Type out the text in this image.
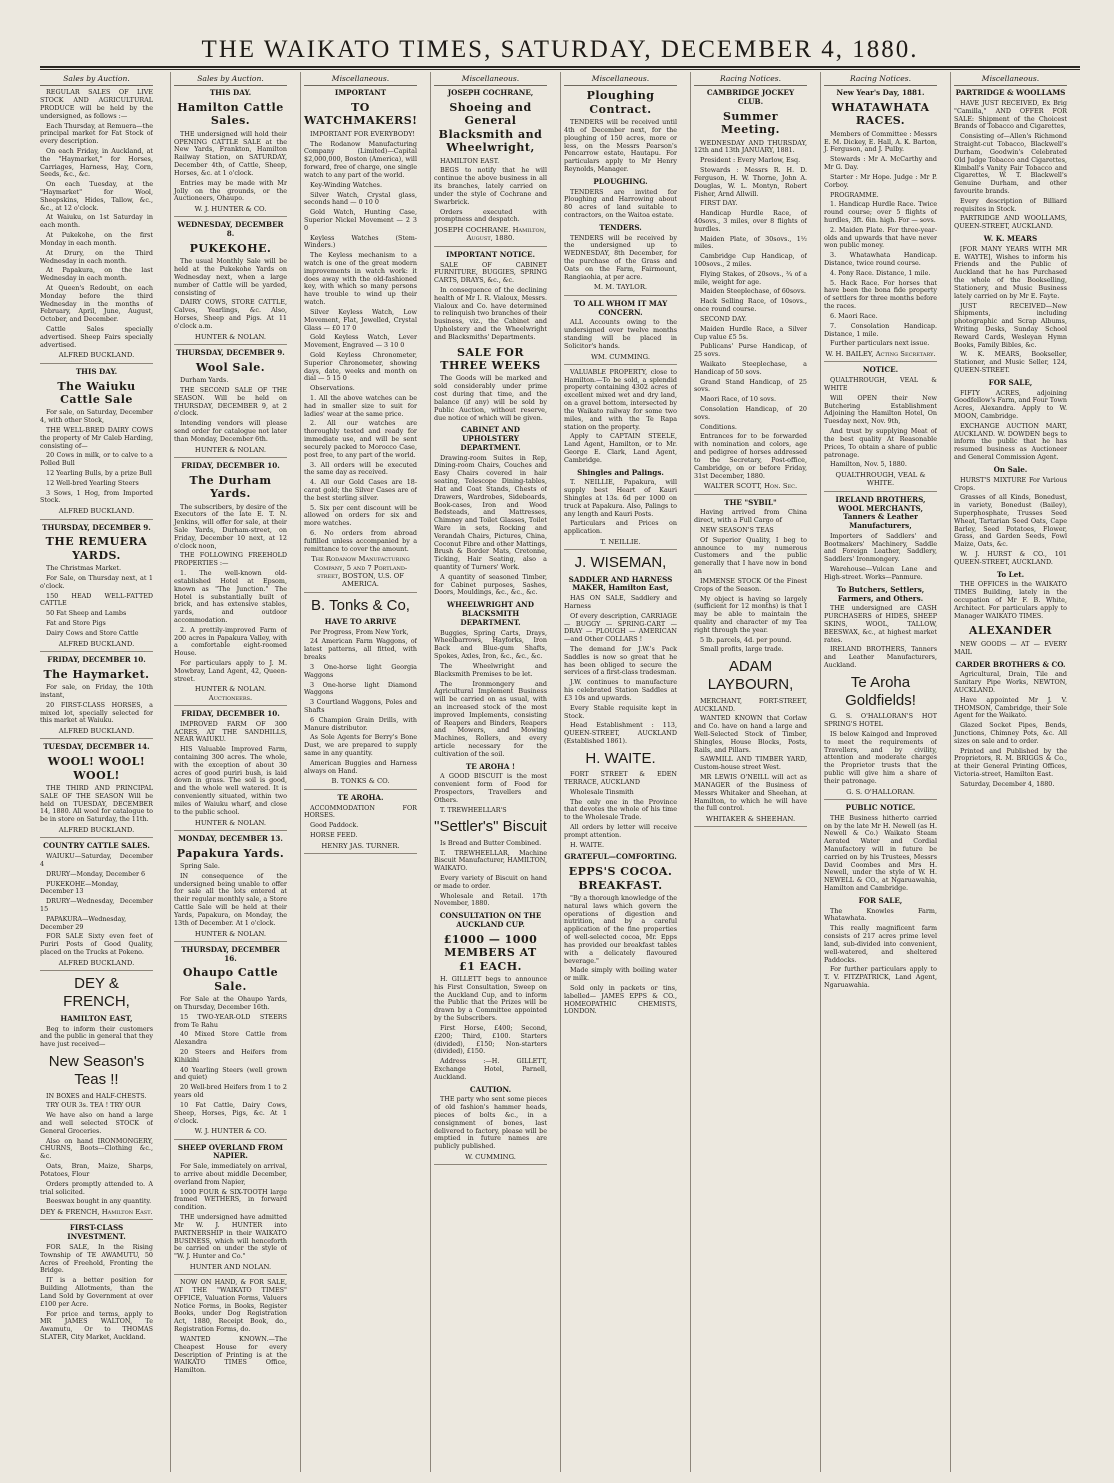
THE WAIKATO TIMES, SATURDAY, DECEMBER 4, 1880.
Sales by Auction.

REGULAR SALES OF LIVE STOCK AND AGRICULTURAL PRODUCE will be held by the undersigned, as follows :—

Each Thursday, at Remuera—the principal market for Fat Stock of every description.

On each Friday, in Auckland, at the "Haymarket," for Horses, Carriages, Harness, Hay, Corn, Seeds, &c., &c.

On each Tuesday, at the "Haymarket" for Wool, Sheepskins, Hides, Tallow, &c., &c., at 12 o'clock.

At Waiuku, on 1st Saturday in each month.

At Pukekohe, on the first Monday in each month.

At Drury, on the Third Wednesday in each month.

At Papakura, on the last Wednesday in each month.

At Queen's Redoubt, on each Monday before the third Wednesday in the months of February, April, June, August, October, and December.

Cattle Sales specially advertised. Sheep Fairs specially advertised.

ALFRED BUCKLAND.
THIS DAY.
The Waiuku Cattle Sale

For sale, on Saturday, December 4, with other Stock,

THE WELL-BRED DAIRY COWS the property of Mr Caleb Harding, consisting of—

20 Cows in milk, or to calve to a Polled Bull

12 Yearling Bulls, by a prize Bull

12 Well-bred Yearling Steers

3 Sows, 1 Hog, from Imported Stock.

ALFRED BUCKLAND.
THURSDAY, DECEMBER 9.
THE REMUERA YARDS.

The Christmas Market.

For Sale, on Thursday next, at 1 o'clock.

150 HEAD WELL-FATTED CATTLE

50 Fat Sheep and Lambs

Fat and Store Pigs

Dairy Cows and Store Cattle

ALFRED BUCKLAND.
FRIDAY, DECEMBER 10.
The Haymarket.

For sale, on Friday, the 10th instant,

20 FIRST-CLASS HORSES, a mixed lot, specially selected for this market at Waiuku.

ALFRED BUCKLAND.
TUESDAY, DECEMBER 14.
WOOL! WOOL! WOOL!

THE THIRD AND PRINCIPAL SALE OF THE SEASON Will be held on TUESDAY, DECEMBER 14, 1880. All wool for catalogue to be in store on Saturday, the 11th.

ALFRED BUCKLAND.
COUNTRY CATTLE SALES.

WAIUKU—Saturday, December 4

DRURY—Monday, December 6

PUKEKOHE—Monday, December 13

DRURY—Wednesday, December 15

PAPAKURA—Wednesday, December 29

FOR SALE Sixty even feet of Puriri Posts of Good Quality, placed on the Trucks at Pokeno.

ALFRED BUCKLAND.
DEY & FRENCH,
HAMILTON EAST,

Beg to inform their customers and the public in general that they have just received—

New Season's Teas !!

IN BOXES and HALF-CHESTS.

TRY OUR 3s. TEA ! TRY OUR

We have also on hand a large and well selected STOCK of General Groceries.

Also on hand IRONMONGERY, CHURNS, Boots—Clothing &c., &c.

Oats, Bran, Maize, Sharps, Potatoes, Flour

Orders promptly attended to. A trial solicited.

Beeswax bought in any quantity.

DEY & FRENCH, Hamilton East.
FIRST-CLASS INVESTMENT.

FOR SALE, In the Rising Township of TE AWAMUTU, 50 Acres of Freehold, Fronting the Bridge.

IT is a better position for Building Allotments, than the Land Sold by Government at over £100 per Acre.

For price and terms, apply to MR JAMES WALTON, Te Awamutu, Or to THOMAS SLATER, City Market, Auckland.

Sales by Auction.
THIS DAY.
Hamilton Cattle Sales.

THE undersigned will hold their OPENING CATTLE SALE at the New Yards, Frankton, Hamilton Railway Station, on SATURDAY, December 4th, of Cattle, Sheep, Horses, &c. at 1 o'clock.

Entries may be made with Mr Jolly on the grounds, or the Auctioneers, Ohaupo.

W. J. HUNTER & CO.
WEDNESDAY, DECEMBER 8.
PUKEKOHE.

The usual Monthly Sale will be held at the Pukekohe Yards on Wednesday next, when a large number of Cattle will be yarded, consisting of

DAIRY COWS, STORE CATTLE, Calves, Yearlings, &c. Also, Horses, Sheep and Pigs. At 11 o'clock a.m.

HUNTER & NOLAN.
THURSDAY, DECEMBER 9.
Wool Sale.

Durham Yards.

THE SECOND SALE OF THE SEASON. Will be held on THURSDAY, DECEMBER 9, at 2 o'clock.

Intending vendors will please send order for catalogue not later than Monday, December 6th.

HUNTER & NOLAN.
FRIDAY, DECEMBER 10.
The Durham Yards.

The subscribers, by desire of the Executors of the late E. T. N. Jenkins, will offer for sale, at their Sale Yards, Durham-street, on Friday, December 10 next, at 12 o'clock noon,

THE FOLLOWING FREEHOLD PROPERTIES :—

1. The well-known old-established Hotel at Epsom, known as "The Junction." The Hotel is substantially built of brick, and has extensive stables, yards, and outdoor accommodation.

2. A prettily-improved Farm of 200 acres in Papakura Valley, with a comfortable eight-roomed House.

For particulars apply to J. M. Mowbray, Land Agent, 42, Queen-street.

HUNTER & NOLAN. Auctioneers.
FRIDAY, DECEMBER 10.

IMPROVED FARM OF 300 ACRES, AT THE SANDHILLS, NEAR WAIUKU.

HIS Valuable Improved Farm, containing 300 acres. The whole, with the exception of about 30 acres of good puriri bush, is laid down in grass. The soil is good, and the whole well watered. It is conveniently situated, within two miles of Waiuku wharf, and close to the public school.

HUNTER & NOLAN.
MONDAY, DECEMBER 13.
Papakura Yards.

Spring Sale.

IN consequence of the undersigned being unable to offer for sale all the lots entered at their regular monthly sale, a Store Cattle Sale will be held at their Yards, Papakura, on Monday, the 13th of December. At 1 o'clock.

HUNTER & NOLAN.
THURSDAY, DECEMBER 16.
Ohaupo Cattle Sale.

For Sale at the Ohaupo Yards, on Thursday, December 16th.

15 TWO-YEAR-OLD STEERS from Te Rahu

40 Mixed Store Cattle from Alexandra

20 Steers and Heifers from Kihikihi

40 Yearling Steers (well grown and quiet)

20 Well-bred Heifers from 1 to 2 years old

10 Fat Cattle, Dairy Cows, Sheep, Horses, Pigs, &c. At 1 o'clock.

W. J. HUNTER & CO.
SHEEP OVERLAND FROM NAPIER.

For Sale, immediately on arrival, to arrive about middle December, overland from Napier,

1000 FOUR & SIX-TOOTH large framed WETHERS, in forward condition.

THE undersigned have admitted Mr W. J. HUNTER into PARTNERSHIP in their WAIKATO BUSINESS, which will henceforth be carried on under the style of "W. J. Hunter and Co."

HUNTER AND NOLAN.

NOW ON HAND, & FOR SALE, AT THE "WAIKATO TIMES" OFFICE, Valuation Forms, Valuers Notice Forms, in Books, Register Books, under Dog Registration Act, 1880, Receipt Book, do., Registration Forms, do.

WANTED KNOWN.—The Cheapest House for every Description of Printing is at the WAIKATO TIMES Office, Hamilton.

Miscellaneous.
IMPORTANT
TO WATCHMAKERS!

IMPORTANT FOR EVERYBODY!

The Rodanow Manufacturing Company (Limited)—Capital $2,000,000, Boston (America), will forward, free of charge, one single watch to any part of the world.

Key-Winding Watches.

Silver Watch, Crystal glass, seconds hand — 0 10 0

Gold Watch, Hunting Case, Superior Nickel Movement — 2 3 0

Keyless Watches (Stem-Winders.)

The Keyless mechanism to a watch is one of the great modern improvements in watch work: it does away with the old-fashioned key, with which so many persons have trouble to wind up their watch.

Silver Keyless Watch, Low Movement, Flat, Jewelled, Crystal Glass — £0 17 0

Gold Keyless Watch, Lever Movement, Engraved — 3 10 0

Gold Keyless Chronometer, Superior Chronometer, showing days, date, weeks and month on dial — 5 15 0

Observations.

1. All the above watches can be had in smaller size to suit for ladies' wear at the same price.

2. All our watches are thoroughly tested and ready for immediate use, and will be sent securely packed to Morocco Case, post free, to any part of the world.

3. All orders will be executed the same day as received.

4. All our Gold Cases are 18-carat gold; the Silver Cases are of the best sterling silver.

5. Six per cent discount will be allowed on orders for six and more watches.

6. No orders from abroad fulfilled unless accompanied by a remittance to cover the amount.

The Rodanow Manufacturing Company, 5 and 7 Portland-street, BOSTON, U.S. OF AMERICA.
B. Tonks & Co,
HAVE TO ARRIVE

Per Progress, From New York,

24 American Farm Waggons, of latest patterns, all fitted, with breaks

3 One-horse light Georgia Waggons

3 One-horse light Diamond Waggons

3 Courtland Waggons, Poles and Shafts

6 Champion Grain Drills, with Manure distributor.

As Sole Agents for Berry's Bone Dust, we are prepared to supply same in any quantity.

American Buggies and Harness always on Hand.

B. TONKS & CO.
TE AROHA.

ACCOMMODATION FOR HORSES.

Good Paddock.

HORSE FEED.

HENRY JAS. TURNER.
Miscellaneous.
JOSEPH COCHRANE,
Shoeing and General Blacksmith and Wheelwright,

HAMILTON EAST.

BEGS to notify that he will continue the above business in all its branches, lately carried on under the style of Cochrane and Swarbrick.

Orders executed with promptness and despatch.

JOSEPH COCHRANE. Hamilton, August, 1880.
IMPORTANT NOTICE.

SALE OF CABINET FURNITURE, BUGGIES, SPRING CARTS, DRAYS, &c., &c.

In consequence of the declining health of Mr I. R. Vialoux, Messrs. Vialoux and Co. have determined to relinquish two branches of their business, viz., the Cabinet and Upholstery and the Wheelwright and Blacksmiths' Departments.

SALE FOR THREE WEEKS

The Goods will be marked and sold considerably under prime cost during that time, and the balance (if any) will be sold by Public Auction, without reserve, due notice of which will be given.

CABINET AND UPHOLSTERY DEPARTMENT.

Drawing-room Suites in Rep, Dining-room Chairs, Couches and Easy Chairs covered in hair seating, Telescope Dining-tables, Hat and Coat Stands, Chests of Drawers, Wardrobes, Sideboards, Book-cases, Iron and Wood Bedsteads, and Mattresses, Chimney and Toilet Glasses, Toilet Ware in sets, Rocking and Verandah Chairs, Pictures, China, Coconut Fibre and other Mattings, Brush & Border Mats, Cretonne, Ticking, Hair Seating, also a quantity of Turners' Work.

A quantity of seasoned Timber, for Cabinet purposes, Sashes, Doors, Mouldings, &c., &c., &c.

WHEELWRIGHT AND BLACKSMITH DEPARTMENT.

Buggies, Spring Carts, Drays, Wheelbarrows, Hayforks, Iron Back and Blue-gum Shafts, Spokes, Axles, Iron, &c., &c., &c.

The Wheelwright and Blacksmith Premises to be let.

The Ironmongery and Agricultural Implement Business will be carried on as usual, with an increased stock of the most improved Implements, consisting of Reapers and Binders, Reapers and Mowers, and Mowing Machines, Rollers, and every article necessary for the cultivation of the soil.

TE AROHA !

A GOOD BISCUIT is the most convenient form of Food for Prospectors, Travellers and Others.

T. TREWHEELLAR'S

"Settler's" Biscuit

Is Bread and Butter Combined.

T. TREWHEELLAR, Machine Biscuit Manufacturer, HAMILTON, WAIKATO.

Every variety of Biscuit on hand or made to order.

Wholesale and Retail. 17th November, 1880.

CONSULTATION ON THE AUCKLAND CUP.
£1000 — 1000 MEMBERS AT £1 EACH.

H. GILLETT begs to announce his First Consultation, Sweep on the Auckland Cup, and to inform the Public that the Prizes will be drawn by a Committee appointed by the Subscribers.

First Horse, £400; Second, £200; Third, £100. Starters (divided), £150; Non-starters (divided), £150.

Address :—H. GILLETT, Exchange Hotel, Parnell, Auckland.

CAUTION.

THE party who sent some pieces of old fashion's hammer heads, pieces of bolts &c., in a consignment of bones, last delivered to factory, please will be emptied in future names are publicly published.

W. CUMMING.
Miscellaneous.
Ploughing Contract.

TENDERS will be received until 4th of December next, for the ploughing of 150 acres, more or less, on the Messrs Pearson's Pencarrow estate, Hautapu. For particulars apply to Mr Henry Reynolds, Manager.

PLOUGHING.

TENDERS are invited for Ploughing and Harrowing about 80 acres of land suitable to contractors, on the Waitoa estate.

TENDERS.

TENDERS will be received by the undersigned up to WEDNESDAY, 8th December, for the purchase of the Grass and Oats on the Farm, Fairmount, Rangiaohia, at per acre.

M. M. TAYLOR.
TO ALL WHOM IT MAY CONCERN.

ALL Accounts owing to the undersigned over twelve months standing will be placed in Solicitor's hands.

WM. CUMMING.

VALUABLE PROPERTY, close to Hamilton.—To be sold, a splendid property containing 4302 acres of excellent mixed wet and dry land, on a gravel bottom, intersected by the Waikato railway for some two miles, and with the Te Rapa station on the property.

Apply to CAPTAIN STEELE, Land Agent, Hamilton, or to Mr. George E. Clark, Land Agent, Cambridge.

Shingles and Palings.

T. NEILLIE, Papakura, will supply best Heart of Kauri Shingles at 13s. 6d per 1000 on truck at Papakura. Also, Palings to any length and Kauri Posts.

Particulars and Prices on application.

T. NEILLIE.
J. WISEMAN,
SADDLER AND HARNESS MAKER, Hamilton East,

HAS ON SALE, Saddlery and Harness

Of every description, CARRIAGE — BUGGY — SPRING-CART — DRAY — PLOUGH — AMERICAN—and Other COLLARS !

The demand for J.W.'s Pack Saddles is now so great that he has been obliged to secure the services of a first-class tradesman.

J.W. continues to manufacture his celebrated Station Saddles at £3 10s and upwards.

Every Stable requisite kept in Stock.

Head Establishment : 113, QUEEN-STREET, AUCKLAND (Established 1861).

H. WAITE.

FORT STREET & EDEN TERRACE, AUCKLAND

Wholesale Tinsmith

The only one in the Province that devotes the whole of his time to the Wholesale Trade.

All orders by letter will receive prompt attention.

H. WAITE.

GRATEFUL—COMFORTING.
EPPS'S COCOA. BREAKFAST.

"By a thorough knowledge of the natural laws which govern the operations of digestion and nutrition, and by a careful application of the fine properties of well-selected cocoa, Mr. Epps has provided our breakfast tables with a delicately flavoured beverage."

Made simply with boiling water or milk.

Sold only in packets or tins, labelled— JAMES EPPS & CO., HOMEOPATHIC CHEMISTS, LONDON.

Racing Notices.
CAMBRIDGE JOCKEY CLUB.
Summer Meeting.

WEDNESDAY AND THURSDAY, 12th and 13th JANUARY, 1881.

President : Every Marlow, Esq.

Stewards : Messrs R. H. D. Ferguson, H. W. Thorne, John A. Douglas, W. L. Montyn, Robert Fisher, Arnd Allwill.

FIRST DAY.

Handicap Hurdle Race, of 40sovs., 3 miles, over 8 flights of hurdles.

Maiden Plate, of 30sovs., 1½ miles.

Cambridge Cup Handicap, of 100sovs., 2 miles.

Flying Stakes, of 20sovs., ¾ of a mile, weight for age.

Maiden Steeplechase, of 60sovs.

Hack Selling Race, of 10sovs., once round course.

SECOND DAY.

Maiden Hurdle Race, a Silver Cup value £5 5s.

Publicans' Purse Handicap, of 25 sovs.

Waikato Steeplechase, a Handicap of 50 sovs.

Grand Stand Handicap, of 25 sovs.

Maori Race, of 10 sovs.

Consolation Handicap, of 20 sovs.

Conditions.

Entrances for to be forwarded with nomination and colors, age and pedigree of horses addressed to the Secretary, Post-office, Cambridge, on or before Friday, 31st December, 1880.

WALTER SCOTT, Hon. Sec.
THE "SYBIL"

Having arrived from China direct, with a Full Cargo of

NEW SEASON'S TEAS

Of Superior Quality, I beg to announce to my numerous Customers and the public generally that I have now in bond an

IMMENSE STOCK Of the Finest Crops of the Season.

My object is having so largely (sufficient for 12 months) is that I may be able to maintain the quality and character of my Tea right through the year.

5 lb. parcels, 4d. per pound.

Small profits, large trade.

ADAM LAYBOURN,

MERCHANT, FORT-STREET, AUCKLAND.

WANTED KNOWN that Corlaw and Co. have on hand a large and Well-Selected Stock of Timber, Shingles, House Blocks, Posts, Rails, and Pillars.

SAWMILL AND TIMBER YARD, Custom-house street West.

MR LEWIS O'NEILL will act as MANAGER of the Business of Messrs Whitaker and Sheehan, at Hamilton, to which he will have the full control.

WHITAKER & SHEEHAN.
Racing Notices.
New Year's Day, 1881.
WHATAWHATA RACES.

Members of Committee : Messrs E. M. Dickey, E. Hall, A. K. Barton, J. Ferguson, and J. Pulby.

Stewards : Mr A. McCarthy and Mr G. Day.

Starter : Mr Hope. Judge : Mr P. Corboy.

PROGRAMME.

1. Handicap Hurdle Race. Twice round course; over 5 flights of hurdles, 3ft. 6in. high. For — sovs.

2. Maiden Plate. For three-year-olds and upwards that have never won public money.

3. Whatawhata Handicap. Distance, twice round course.

4. Pony Race. Distance, 1 mile.

5. Hack Race. For horses that have been the bona fide property of settlers for three months before the races.

6. Maori Race.

7. Consolation Handicap. Distance, 1 mile.

Further particulars next issue.

W. H. BAILEY, Acting Secretary.
NOTICE.

QUALTHROUGH, VEAL & WHITE

Will OPEN their New Butchering Establishment Adjoining the Hamilton Hotel, On Tuesday next, Nov. 9th,

And trust by supplying Meat of the best quality At Reasonable Prices, To obtain a share of public patronage.

Hamilton, Nov. 5, 1880.

QUALTHROUGH, VEAL & WHITE.
IRELAND BROTHERS, WOOL MERCHANTS, Tanners & Leather Manufacturers,

Importers of Saddlers' and Bootmakers' Machinery, Saddle and Foreign Leather, Saddlery, Saddlers' Ironmongery.

Warehouse—Vulcan Lane and High-street. Works—Panmure.

To Butchers, Settlers, Farmers, and Others.

THE undersigned are CASH PURCHASERS of HIDES, SHEEP SKINS, WOOL, TALLOW, BEESWAX, &c., at highest market rates.

IRELAND BROTHERS, Tanners and Leather Manufacturers, Auckland.

Te Aroha Goldfields!

G. S. O'HALLORAN'S HOT SPRING'S HOTEL

IS below Kaingod and Improved to meet the requirements of Travellers, and by civility, attention and moderate charges the Proprietor trusts that the public will give him a share of their patronage.

G. S. O'HALLORAN.
PUBLIC NOTICE.

THE Business hitherto carried on by the late Mr H. Newell (as H. Newell & Co.) Waikato Steam Aerated Water and Cordial Manufactory will in future be carried on by his Trustees, Messrs David Coombes and Mrs H. Newell, under the style of W. H. NEWELL & CO., at Ngaruawahia, Hamilton and Cambridge.

FOR SALE,

The Knowles Farm, Whatawhata.

This really magnificent farm consists of 217 acres prime level land, sub-divided into convenient, well-watered, and sheltered Paddocks.

For further particulars apply to T. V. FITZPATRICK, Land Agent, Ngaruawahia.

Miscellaneous.
PARTRIDGE & WOOLLAMS

HAVE JUST RECEIVED, Ex Brig "Camilla," AND OFFER FOR SALE: Shipment of the Choicest Brands of Tobacco and Cigarettes,

Consisting of—Allen's Richmond Straight-cut Tobacco, Blackwell's Durham, Goodwin's Celebrated Old Judge Tobacco and Cigarettes, Kimball's Vanity Fair Tobacco and Cigarettes, W. T. Blackwell's Genuine Durham, and other favourite brands.

Every description of Billiard requisites in Stock.

PARTRIDGE AND WOOLLAMS, QUEEN-STREET, AUCKLAND.

W. K. MEARS

[FOR MANY YEARS WITH MR E. WAYTE], Wishes to inform his Friends and the Public of Auckland that he has Purchased the whole of the Bookselling, Stationery, and Music Business lately carried on by Mr E. Fayte.

JUST RECEIVED—New Shipments, including photographic and Scrap Albums, Writing Desks, Sunday School Reward Cards, Wesleyan Hymn Books, Family Bibles, &c.

W. K. MEARS, Bookseller, Stationer, and Music Seller, 124, QUEEN-STREET.

FOR SALE,

FIFTY ACRES, adjoining Goodfellow's Farm, and Four Town Acres, Alexandra. Apply to W. MOON, Cambridge.

EXCHANGE AUCTION MART, AUCKLAND. W. DOWDEN begs to inform the public that he has resumed business as Auctioneer and General Commission Agent.

On Sale.

HURST'S MIXTURE For Various Crops.

Grasses of all Kinds, Bonedust, in variety, Bonedust (Bailey), Superphosphate, Trusses Seed Wheat, Tartarian Seed Oats, Cape Barley, Seed Potatoes, Flower, Grass, and Garden Seeds, Fowl Maize, Oats, &c.

W. J. HURST & CO., 101 QUEEN-STREET, AUCKLAND.

To Let.

THE OFFICES in the WAIKATO TIMES Building, lately in the occupation of Mr F. B. White, Architect. For particulars apply to Manager WAIKATO TIMES.

ALEXANDER

NEW GOODS — AT — EVERY MAIL

CARDER BROTHERS & CO.

Agricultural, Drain, Tile and Sanitary Pipe Works, NEWTON, AUCKLAND.

Have appointed Mr J. V. THOMSON, Cambridge, their Sole Agent for the Waikato.

Glazed Socket Pipes, Bends, Junctions, Chimney Pots, &c. All sizes on sale and to order.

Printed and Published by the Proprietors, R. M. BRIGGS & Co., at their General Printing Offices, Victoria-street, Hamilton East.

Saturday, December 4, 1880.
